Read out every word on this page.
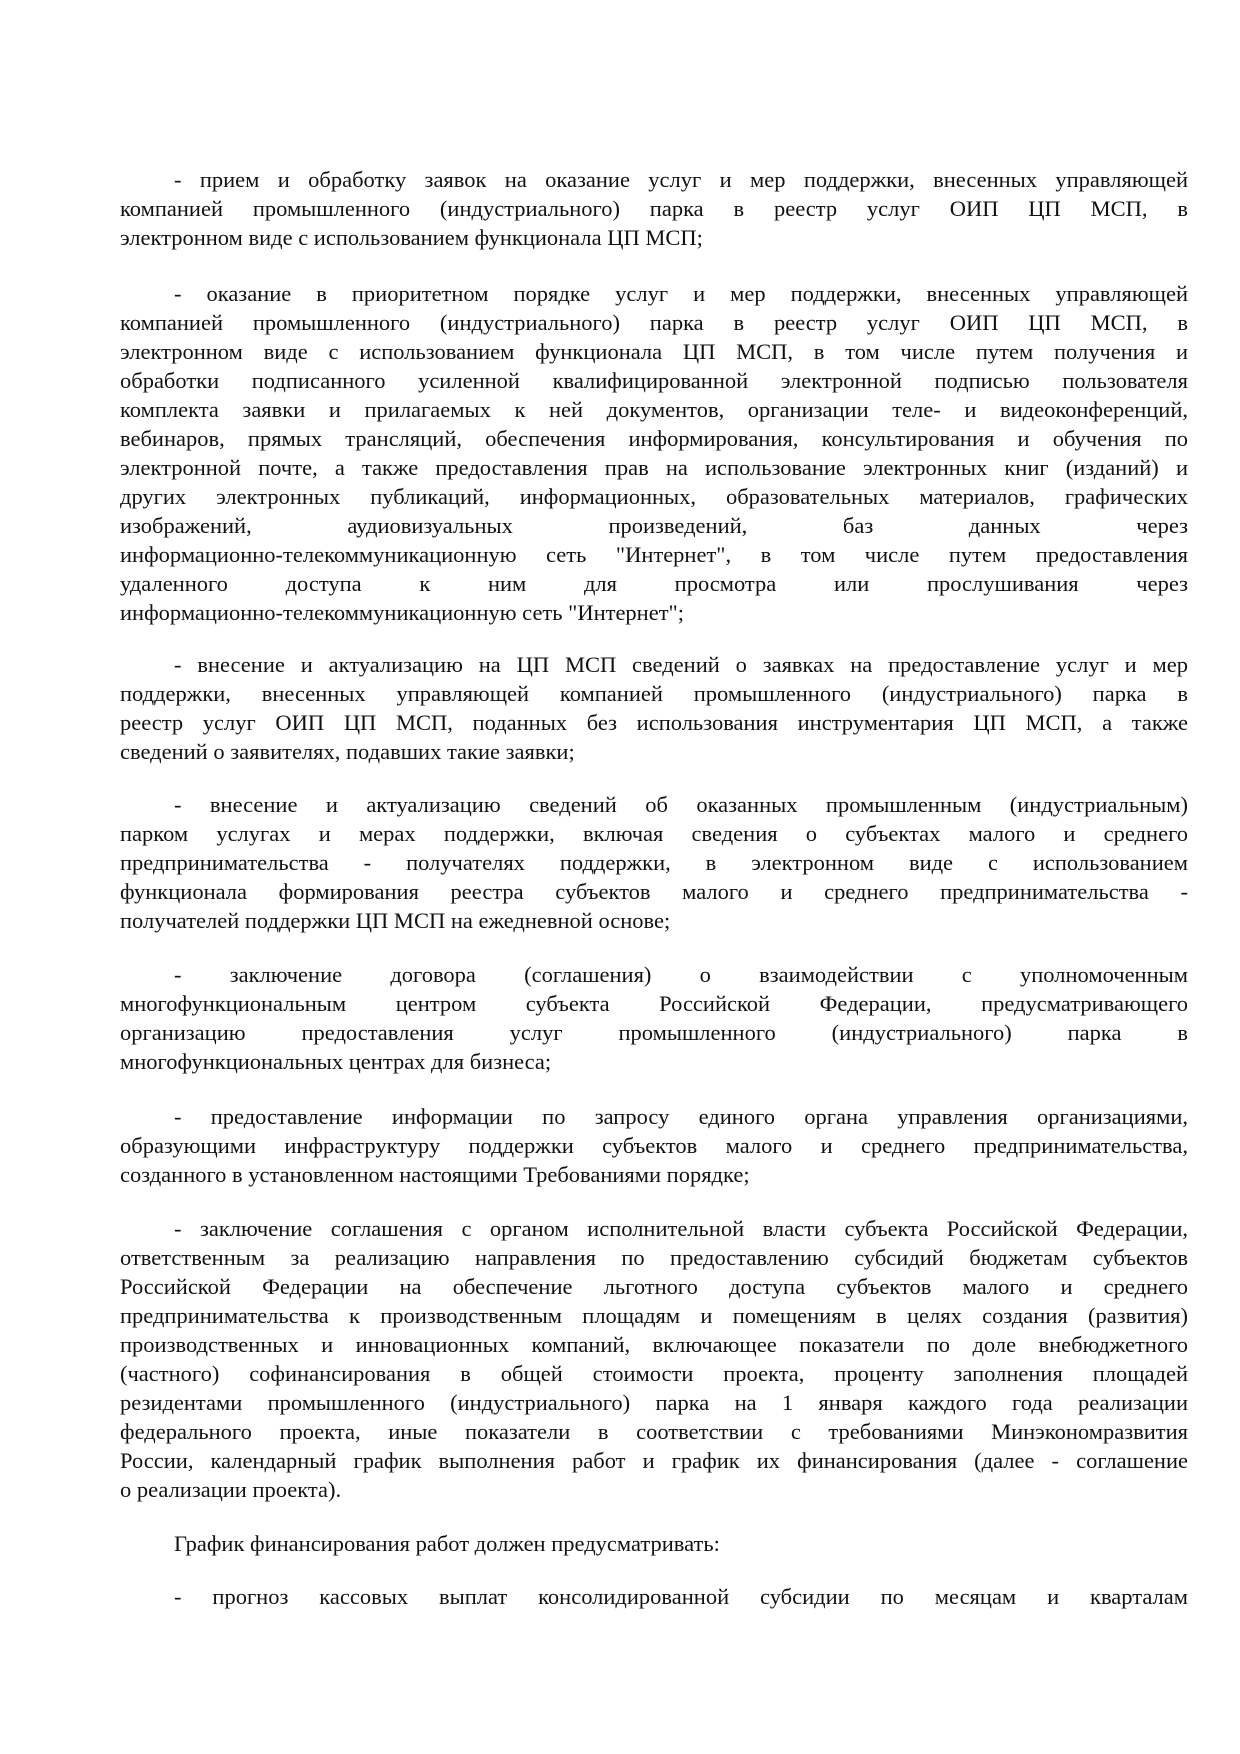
- прием и обработку заявок на оказание услуг и мер поддержки, внесенных управляющей
компанией промышленного (индустриального) парка в реестр услуг ОИП ЦП МСП, в
электронном виде с использованием функционала ЦП МСП;
- оказание в приоритетном порядке услуг и мер поддержки, внесенных управляющей
компанией промышленного (индустриального) парка в реестр услуг ОИП ЦП МСП, в
электронном виде с использованием функционала ЦП МСП, в том числе путем получения и
обработки подписанного усиленной квалифицированной электронной подписью пользователя
комплекта заявки и прилагаемых к ней документов, организации теле- и видеоконференций,
вебинаров, прямых трансляций, обеспечения информирования, консультирования и обучения по
электронной почте, а также предоставления прав на использование электронных книг (изданий) и
других электронных публикаций, информационных, образовательных материалов, графических
изображений, аудиовизуальных произведений, баз данных через
информационно-телекоммуникационную сеть "Интернет", в том числе путем предоставления
удаленного доступа к ним для просмотра или прослушивания через
информационно-телекоммуникационную сеть "Интернет";
- внесение и актуализацию на ЦП МСП сведений о заявках на предоставление услуг и мер
поддержки, внесенных управляющей компанией промышленного (индустриального) парка в
реестр услуг ОИП ЦП МСП, поданных без использования инструментария ЦП МСП, а также
сведений о заявителях, подавших такие заявки;
- внесение и актуализацию сведений об оказанных промышленным (индустриальным)
парком услугах и мерах поддержки, включая сведения о субъектах малого и среднего
предпринимательства - получателях поддержки, в электронном виде с использованием
функционала формирования реестра субъектов малого и среднего предпринимательства -
получателей поддержки ЦП МСП на ежедневной основе;
- заключение договора (соглашения) о взаимодействии с уполномоченным
многофункциональным центром субъекта Российской Федерации, предусматривающего
организацию предоставления услуг промышленного (индустриального) парка в
многофункциональных центрах для бизнеса;
- предоставление информации по запросу единого органа управления организациями,
образующими инфраструктуру поддержки субъектов малого и среднего предпринимательства,
созданного в установленном настоящими Требованиями порядке;
- заключение соглашения с органом исполнительной власти субъекта Российской Федерации,
ответственным за реализацию направления по предоставлению субсидий бюджетам субъектов
Российской Федерации на обеспечение льготного доступа субъектов малого и среднего
предпринимательства к производственным площадям и помещениям в целях создания (развития)
производственных и инновационных компаний, включающее показатели по доле внебюджетного
(частного) софинансирования в общей стоимости проекта, проценту заполнения площадей
резидентами промышленного (индустриального) парка на 1 января каждого года реализации
федерального проекта, иные показатели в соответствии с требованиями Минэкономразвития
России, календарный график выполнения работ и график их финансирования (далее - соглашение
о реализации проекта).
График финансирования работ должен предусматривать:
- прогноз кассовых выплат консолидированной субсидии по месяцам и кварталам
